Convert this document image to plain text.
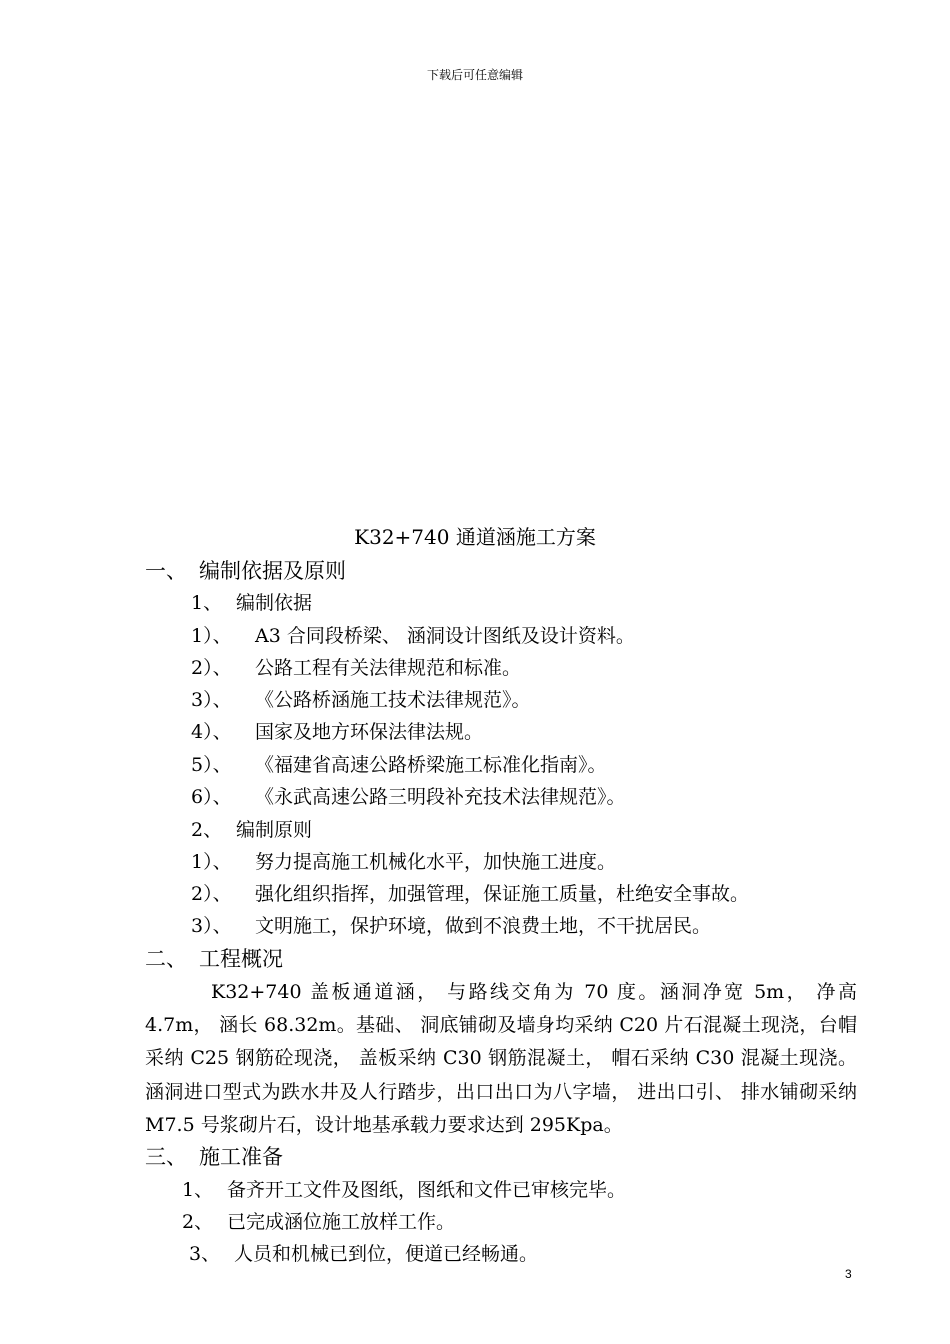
下载后可任意编辑
K32+740 通道涵施工方案
一、 编制依据及原则
1、 编制依据
1）、 A3 合同段桥梁、 涵洞设计图纸及设计资料。
2）、 公路工程有关法律规范和标准。
3）、 《公路桥涵施工技术法律规范》。
4）、 国家及地方环保法律法规。
5）、 《福建省高速公路桥梁施工标准化指南》。
6）、 《永武高速公路三明段补充技术法律规范》。
2、 编制原则
1）、 努力提高施工机械化水平，加快施工进度。
2）、 强化组织指挥，加强管理，保证施工质量，杜绝安全事故。
3）、 文明施工，保护环境，做到不浪费土地，不干扰居民。
二、 工程概况
K32+740 盖板通道涵， 与路线交角为 70 度。涵洞净宽 5m， 净高 4.7m， 涵长 68.32m。基础、 洞底铺砌及墙身均采纳 C20 片石混凝土现浇，台帽采纳 C25 钢筋砼现浇， 盖板采纳 C30 钢筋混凝土， 帽石采纳 C30 混凝土现浇。涵洞进口型式为跌水井及人行踏步，出口出口为八字墙， 进出口引、 排水铺砌采纳 M7.5 号浆砌片石，设计地基承载力要求达到 295Kpa。
三、 施工准备
1、 备齐开工文件及图纸，图纸和文件已审核完毕。
2、 已完成涵位施工放样工作。
3、 人员和机械已到位，便道已经畅通。
3
